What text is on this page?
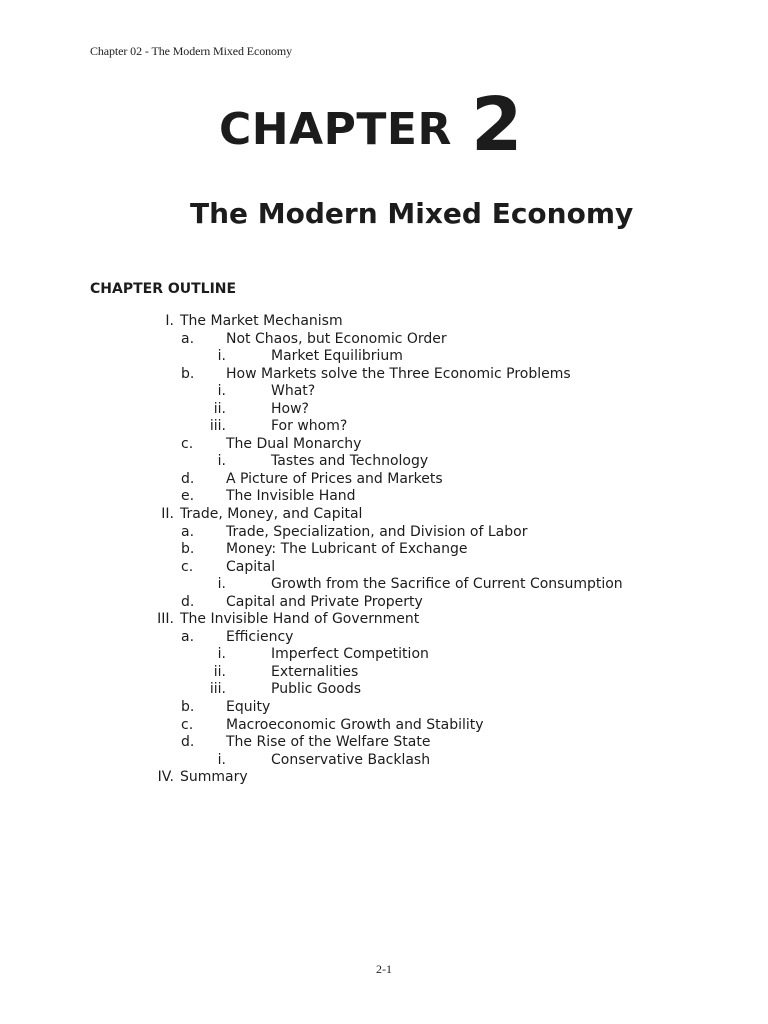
Chapter 02 - The Modern Mixed Economy
CHAPTER 2
The Modern Mixed Economy
CHAPTER OUTLINE
I. The Market Mechanism
a. Not Chaos, but Economic Order
i.	Market Equilibrium
b. How Markets solve the Three Economic Problems
i.	What?
ii.	How?
iii.	For whom?
c. The Dual Monarchy
i.	Tastes and Technology
d. A Picture of Prices and Markets
e. The Invisible Hand
II. Trade, Money, and Capital
a. Trade, Specialization, and Division of Labor
b. Money: The Lubricant of Exchange
c. Capital
i.	Growth from the Sacrifice of Current Consumption
d. Capital and Private Property
III. The Invisible Hand of Government
a. Efficiency
i.	Imperfect Competition
ii.	Externalities
iii.	Public Goods
b. Equity
c. Macroeconomic Growth and Stability
d. The Rise of the Welfare State
i.	Conservative Backlash
IV. Summary
2-1
